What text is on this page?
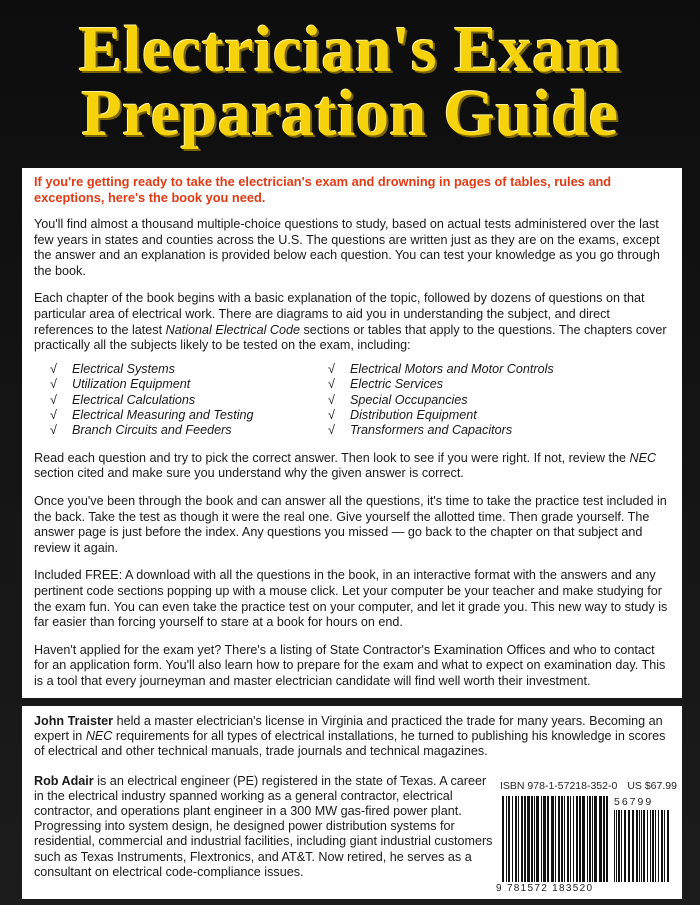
Electrician's Exam
Preparation Guide

If you're getting ready to take the electrician's exam and drowning in pages of tables, rules and exceptions, here's the book you need.

You'll find almost a thousand multiple-choice questions to study, based on actual tests administered over the last few years in states and counties across the U.S. The questions are written just as they are on the exams, except the answer and an explanation is provided below each question. You can test your knowledge as you go through the book.

Each chapter of the book begins with a basic explanation of the topic, followed by dozens of questions on that particular area of electrical work. There are diagrams to aid you in understanding the subject, and direct references to the latest National Electrical Code sections or tables that apply to the questions. The chapters cover practically all the subjects likely to be tested on the exam, including:

√ Electrical Systems
√ Utilization Equipment
√ Electrical Calculations
√ Electrical Measuring and Testing
√ Branch Circuits and Feeders
√ Electrical Motors and Motor Controls
√ Electric Services
√ Special Occupancies
√ Distribution Equipment
√ Transformers and Capacitors

Read each question and try to pick the correct answer. Then look to see if you were right. If not, review the NEC section cited and make sure you understand why the given answer is correct.

Once you've been through the book and can answer all the questions, it's time to take the practice test included in the back. Take the test as though it were the real one. Give yourself the allotted time. Then grade yourself. The answer page is just before the index. Any questions you missed — go back to the chapter on that subject and review it again.

Included FREE: A download with all the questions in the book, in an interactive format with the answers and any pertinent code sections popping up with a mouse click. Let your computer be your teacher and make studying for the exam fun. You can even take the practice test on your computer, and let it grade you. This new way to study is far easier than forcing yourself to stare at a book for hours on end.

Haven't applied for the exam yet? There's a listing of State Contractor's Examination Offices and who to contact for an application form. You'll also learn how to prepare for the exam and what to expect on examination day. This is a tool that every journeyman and master electrician candidate will find well worth their investment.

John Traister held a master electrician's license in Virginia and practiced the trade for many years. Becoming an expert in NEC requirements for all types of electrical installations, he turned to publishing his knowledge in scores of electrical and other technical manuals, trade journals and technical magazines.

Rob Adair is an electrical engineer (PE) registered in the state of Texas. A career in the electrical industry spanned working as a general contractor, electrical contractor, and operations plant engineer in a 300 MW gas-fired power plant. Progressing into system design, he designed power distribution systems for residential, commercial and industrial facilities, including giant industrial customers such as Texas Instruments, Flextronics, and AT&T. Now retired, he serves as a consultant on electrical code-compliance issues.

ISBN 978-1-57218-352-0 US $67.99
56799
9 781572 183520
